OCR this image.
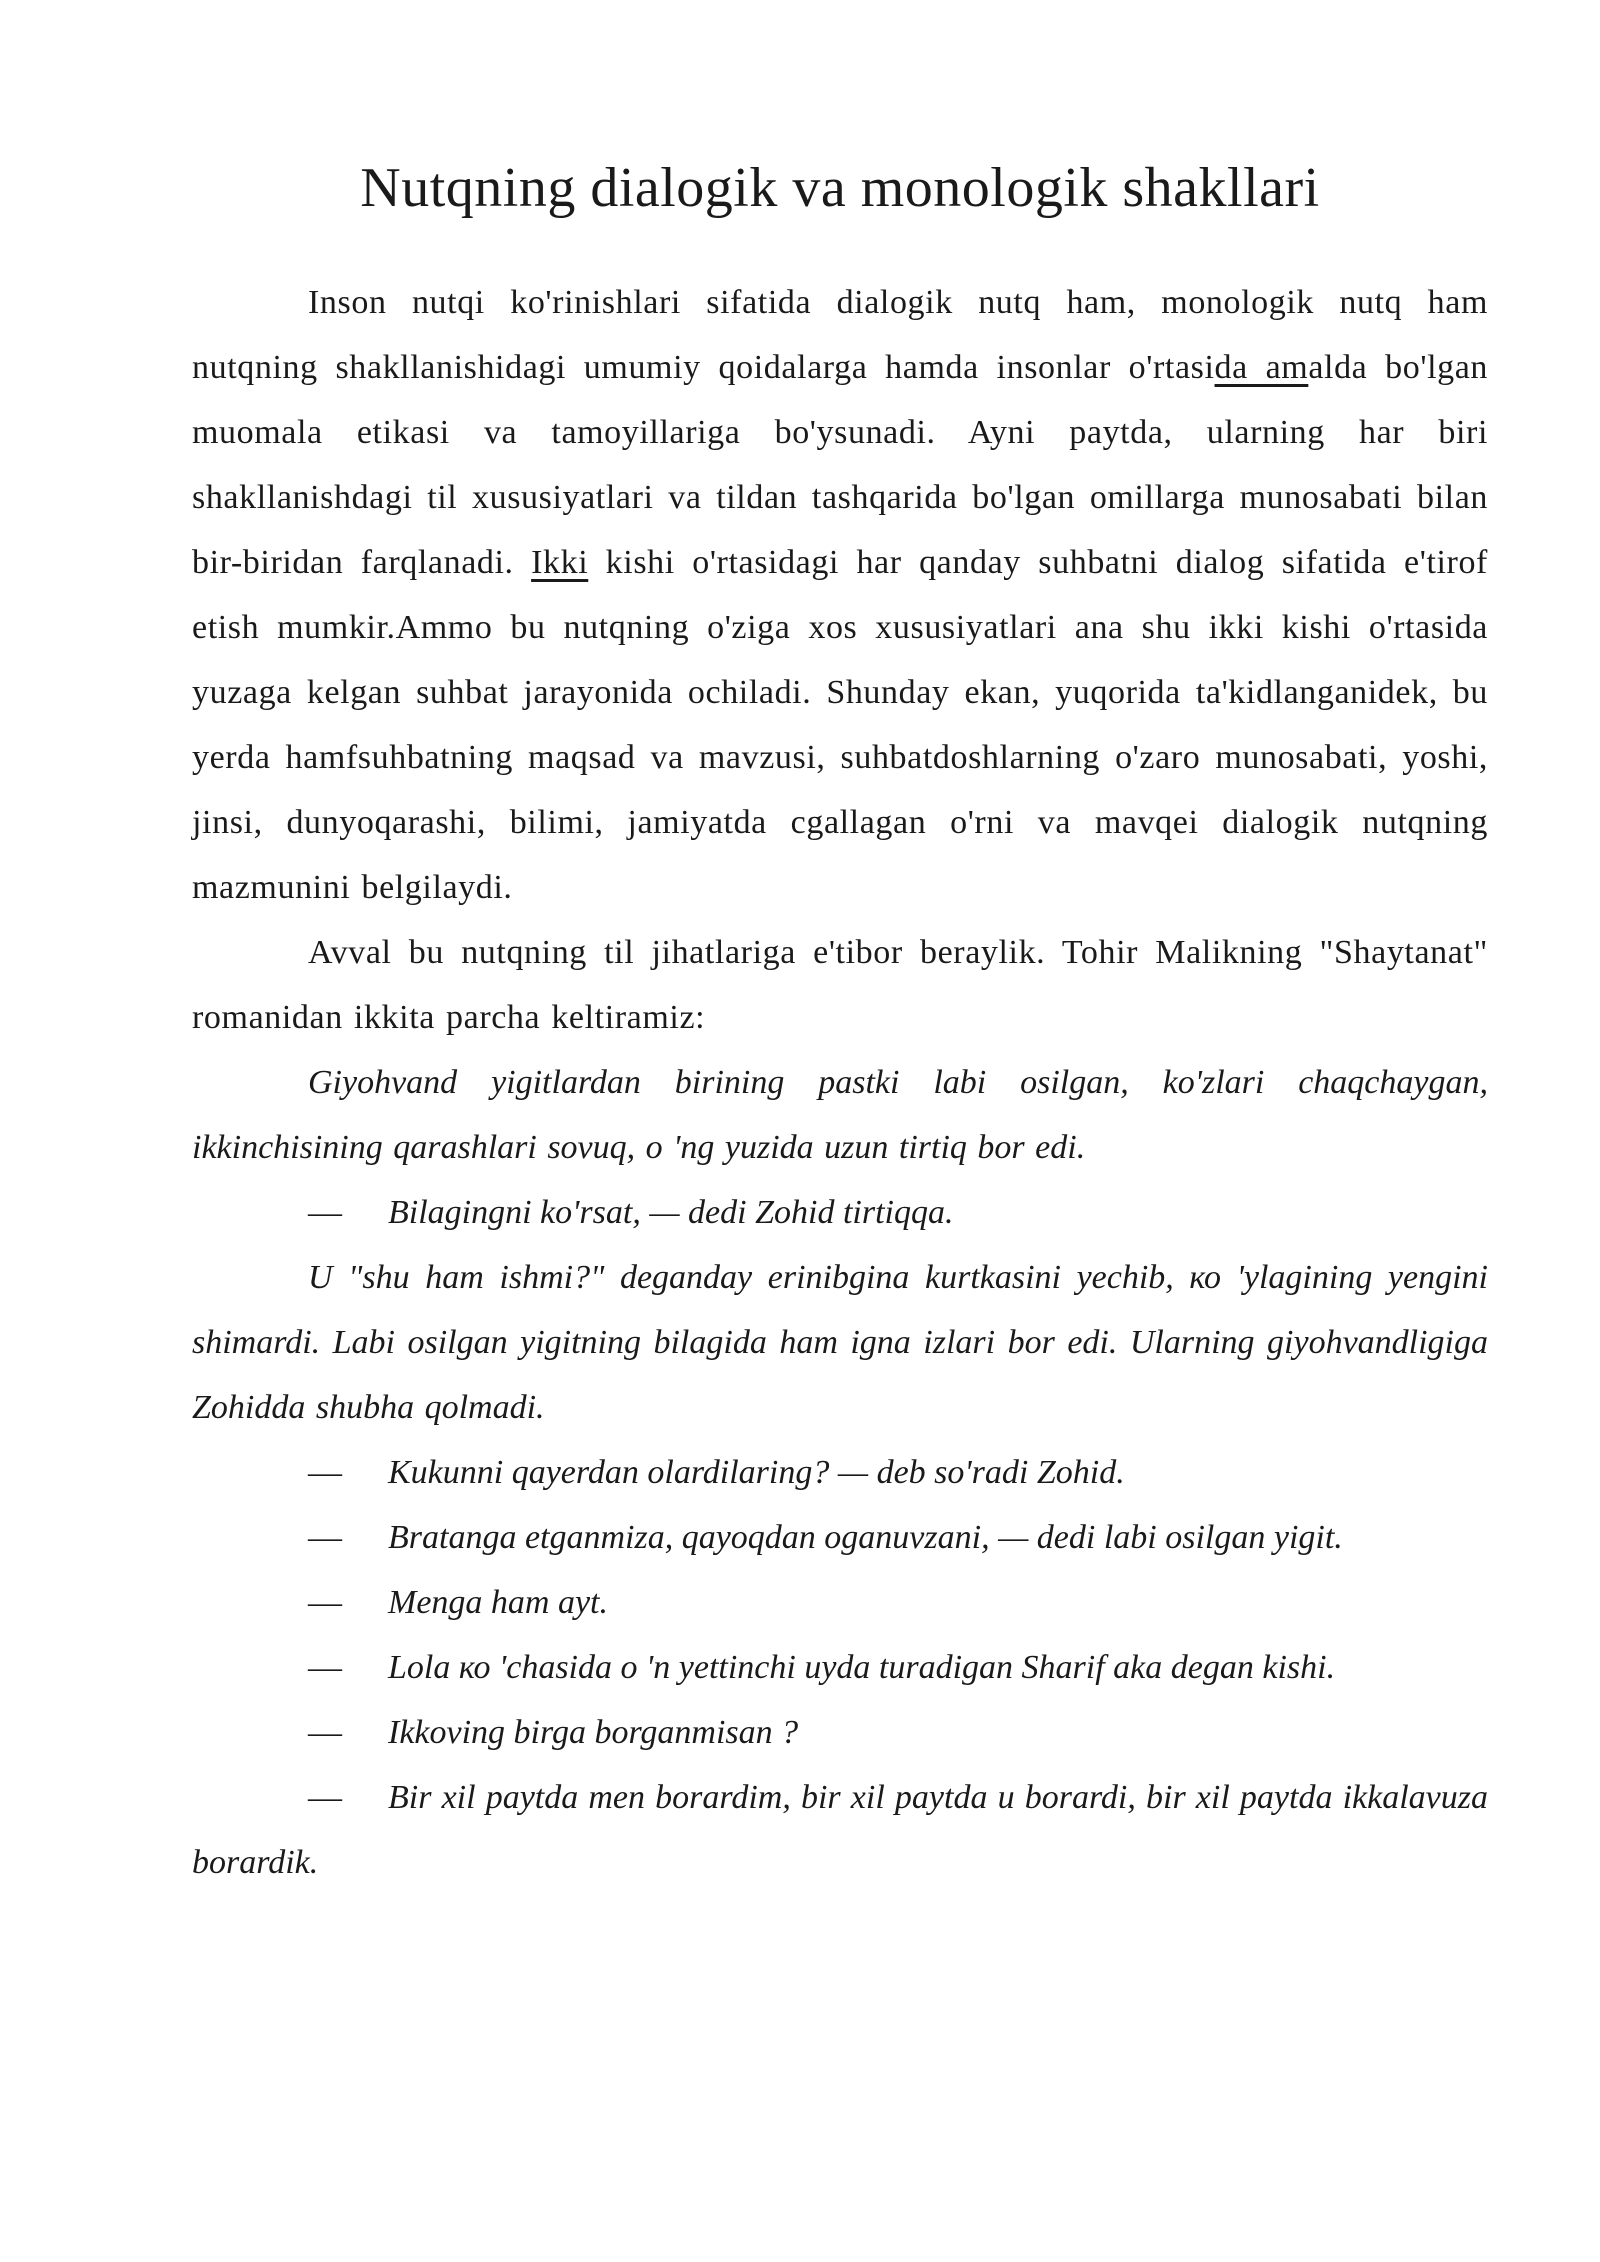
Nutqning dialogik va monologik shakllari

Inson nutqi ko'rinishlari sifatida dialogik nutq ham, monologik nutq ham nutqning shakllanishidagi umumiy qoidalarga hamda insonlar o'rtasida amalda bo'lgan muomala etikasi va tamoyillariga bo'ysunadi. Ayni paytda, ularning har biri shakllanishdagi til xususiyatlari va tildan tashqarida bo'lgan omillarga munosabati bilan bir-biridan farqlanadi. Ikki kishi o'rtasidagi har qanday suhbatni dialog sifatida e'tirof etish mumkir.Ammo bu nutqning o'ziga xos xususiyatlari ana shu ikki kishi o'rtasida yuzaga kelgan suhbat jarayonida ochiladi. Shunday ekan, yuqorida ta'kidlanganidek, bu yerda hamfsuhbatning maqsad va mavzusi, suhbatdoshlarning o'zaro munosabati, yoshi, jinsi, dunyoqarashi, bilimi, jamiyatda cgallagan o'rni va mavqei dialogik nutqning mazmunini belgilaydi.

Avval bu nutqning til jihatlariga e'tibor beraylik. Tohir Malikning "Shaytanat" romanidan ikkita parcha keltiramiz:

Giyohvand yigitlardan birining pastki labi osilgan, ko'zlari chaqchaygan, ikkinchisining qarashlari sovuq, o 'ng yuzida uzun tirtiq bor edi.

—	Bilagingni ko'rsat, — dedi Zohid tirtiqqa.

U "shu ham ishmi?" deganday erinibgina kurtkasini yechib, ко 'ylagining yengini shimardi. Labi osilgan yigitning bilagida ham igna izlari bor edi. Ularning giyohvandligiga Zohidda shubha qolmadi.

—	Kukunni qayerdan olardilaring? — deb so'radi Zohid.
—	Bratanga etganmiza, qayoqdan oganuvzani, — dedi labi osilgan yigit.
—	Menga ham ayt.
—	Lola ко 'chasida o 'n yettinchi uyda turadigan Sharif aka degan kishi.
—	Ikkoving birga borganmisan ?

— Bir xil paytda men borardim, bir xil paytda и borardi, bir xil paytda ikkalavuza borardik.
